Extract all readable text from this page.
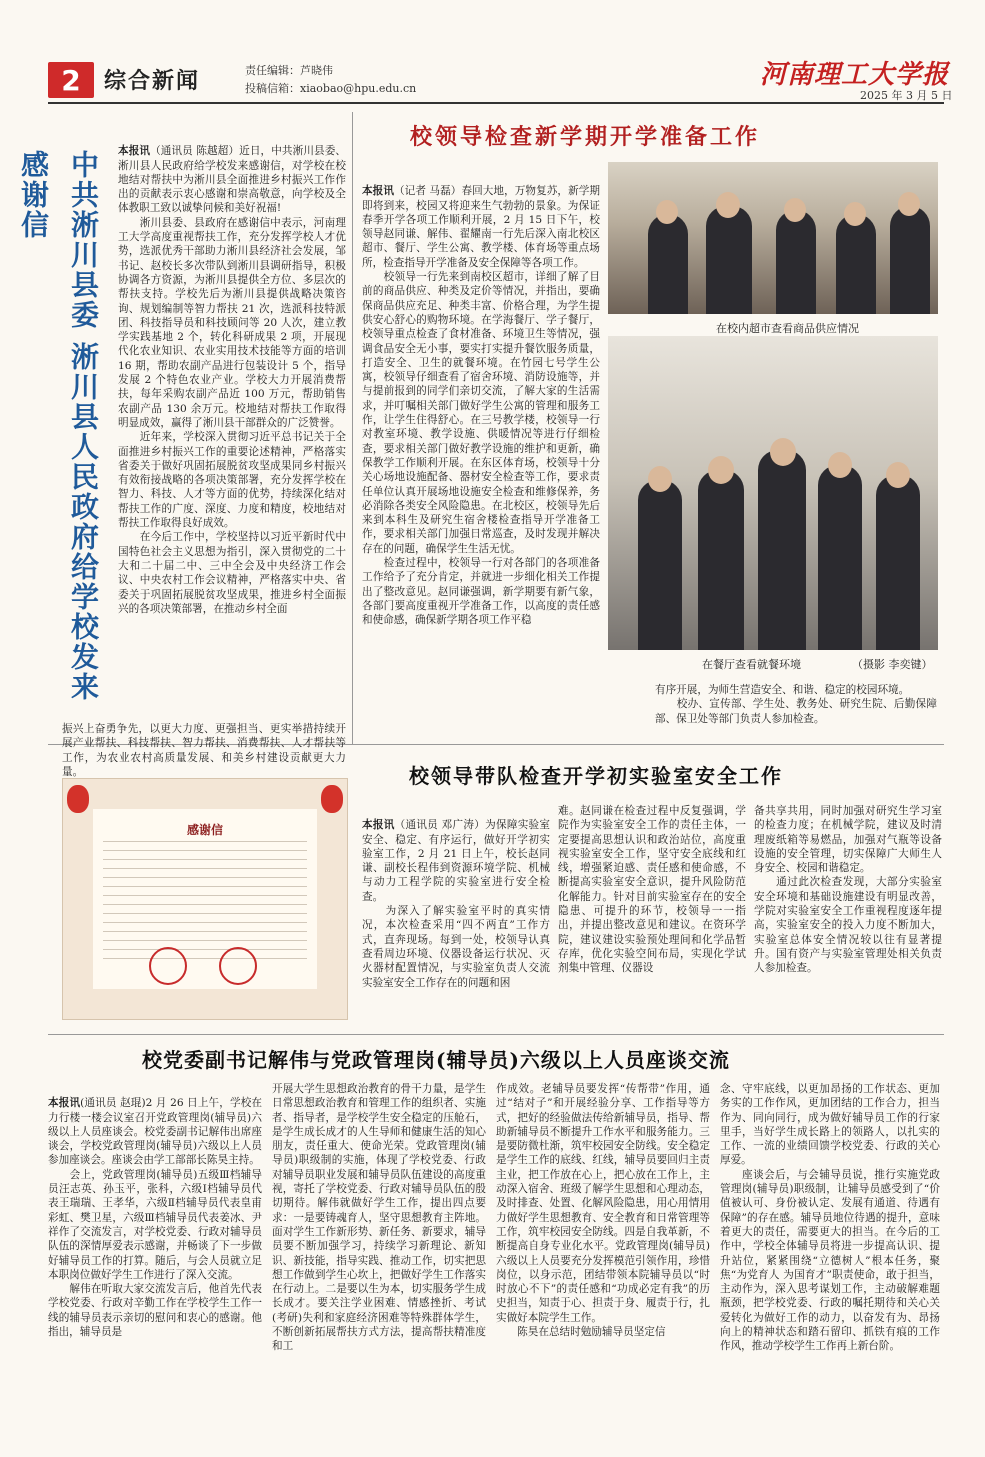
2	综合新闻	责任编辑：芦晓伟
投稿信箱：xiaobao@hpu.edu.cn	河南理工大学报
2025 年 3 月 5 日
中共淅川县委 淅川县人民政府给学校发来感谢信	本报讯（通讯员 陈越超）近日，中共淅川县委、淅川县人民政府给学校发来感谢信，对学校在校地结对帮扶中为淅川县全面推进乡村振兴工作作出的贡献表示衷心感谢和崇高敬意，向学校及全体教职工致以诚挚问候和美好祝福!
　　淅川县委、县政府在感谢信中表示，河南理工大学高度重视帮扶工作，充分发挥学校人才优势，选派优秀干部助力淅川县经济社会发展，邹书记、赵校长多次带队到淅川县调研指导，积极协调各方资源，为淅川县提供全方位、多层次的帮扶支持。学校先后为淅川县提供战略决策咨询、规划编制等智力帮扶 21 次，选派科技特派团、科技指导员和科技顾问等 20 人次，建立教学实践基地 2 个，转化科研成果 2 项，开展现代化农业知识、农业实用技术技能等方面的培训 16 期，帮助农副产品进行包装设计 5 个，指导发展 2 个特色农业产业。学校大力开展消费帮扶，每年采购农副产品近 100 万元，帮助销售农副产品 130 余万元。校地结对帮扶工作取得明显成效，赢得了淅川县干部群众的广泛赞誉。
　　近年来，学校深入贯彻习近平总书记关于全面推进乡村振兴工作的重要论述精神，严格落实省委关于做好巩固拓展脱贫攻坚成果同乡村振兴有效衔接战略的各项决策部署，充分发挥学校在智力、科技、人才等方面的优势，持续深化结对帮扶工作的广度、深度、力度和精度，校地结对帮扶工作取得良好成效。
　　在今后工作中，学校坚持以习近平新时代中国特色社会主义思想为指引，深入贯彻党的二十大和二十届二中、三中全会及中央经济工作会议、中央农村工作会议精神，严格落实中央、省委关于巩固拓展脱贫攻坚成果，推进乡村全面振兴的各项决策部署，在推动乡村全面

振兴上奋勇争先，以更大力度、更强担当、更实举措持续开展产业帮扶、科技帮扶、智力帮扶、消费帮扶、人才帮扶等工作，为农业农村高质量发展、和美乡村建设贡献更大力量。
感谢信
校领导检查新学期开学准备工作

本报讯（记者 马磊）春回大地，万物复苏，新学期即将到来，校园又将迎来生气勃勃的景象。为保证春季开学各项工作顺利开展，2 月 15 日下午，校领导赵同谦、解伟、翟耀南一行先后深入南北校区超市、餐厅、学生公寓、教学楼、体育场等重点场所，检查指导开学准备及安全保障等各项工作。
　　校领导一行先来到南校区超市，详细了解了目前的商品供应、种类及定价等情况，并指出，要确保商品供应充足、种类丰富、价格合理，为学生提供安心舒心的购物环境。在学海餐厅、学子餐厅，校领导重点检查了食材准备、环境卫生等情况，强调食品安全无小事，要实打实提升餐饮服务质量，打造安全、卫生的就餐环境。在竹园七号学生公寓，校领导仔细查看了宿舍环境、消防设施等，并与提前报到的同学们亲切交流，了解大家的生活需求，并叮嘱相关部门做好学生公寓的管理和服务工作，让学生住得舒心。在三号教学楼，校领导一行对教室环境、教学设施、供暖情况等进行仔细检查，要求相关部门做好教学设施的维护和更新，确保教学工作顺利开展。在东区体育场，校领导十分关心场地设施配备、器材安全检查等工作，要求责任单位认真开展场地设施安全检查和维修保养，务必消除各类安全风险隐患。在北校区，校领导先后来到本科生及研究生宿舍楼检查指导开学准备工作，要求相关部门加强日常巡查，及时发现并解决存在的问题，确保学生生活无忧。
　　检查过程中，校领导一行对各部门的各项准备工作给予了充分肯定，并就进一步细化相关工作提出了整改意见。赵同谦强调，新学期要有新气象，各部门要高度重视开学准备工作，以高度的责任感和使命感，确保新学期各项工作平稳

有序开展，为师生营造安全、和谐、稳定的校园环境。
　　校办、宣传部、学生处、教务处、研究生院、后勤保障部、保卫处等部门负责人参加检查。
在校内超市查看商品供应情况
在餐厅查看就餐环境	（摄影 李奕键）
校领导带队检查开学初实验室安全工作

本报讯（通讯员 邓广涛）为保障实验室安全、稳定、有序运行，做好开学初实验室工作，2 月 21 日上午，校长赵同谦、副校长程伟到资源环境学院、机械与动力工程学院的实验室进行安全检查。
　　为深入了解实验室平时的真实情况，本次检查采用“四不两直”工作方式，直奔现场。每到一处，校领导认真查看周边环境、仪器设备运行状况、灭火器材配置情况，与实验室负责人交流实验室安全工作存在的问题和困

难。赵同谦在检查过程中反复强调，学院作为实验室安全工作的责任主体，一定要提高思想认识和政治站位，高度重视实验室安全工作，坚守安全底线和红线，增强紧迫感、责任感和使命感，不断提高实验室安全意识，提升风险防范化解能力。针对目前实验室存在的安全隐患、可提升的环节，校领导一一指出，并提出整改意见和建议。在资环学院，建议建设实验预处理间和化学品暂存库，优化实验空间布局，实现化学试剂集中管理、仪器设
备共享共用，同时加强对研究生学习室的检查力度；在机械学院，建议及时清理废纸箱等易燃品，加强对气瓶等设备设施的安全管理，切实保障广大师生人身安全、校园和谐稳定。
　　通过此次检查发现，大部分实验室安全环境和基础设施建设有明显改善，学院对实验室安全工作重视程度逐年提高，实验室安全的投入力度不断加大，实验室总体安全情况较以往有显著提升。国有资产与实验室管理处相关负责人参加检查。
校党委副书记解伟与党政管理岗(辅导员)六级以上人员座谈交流

本报讯(通讯员 赵琨)2 月 26 日上午，学校在力行楼一楼会议室召开党政管理岗(辅导员)六级以上人员座谈会。校党委副书记解伟出席座谈会，学校党政管理岗(辅导员)六级以上人员参加座谈会。座谈会由学工部部长陈昊主持。
　　会上，党政管理岗(辅导员)五级Ⅲ档辅导员汪志英、孙玉平，张科，六级Ⅰ档辅导员代表王瑞瑞、王孝华，六级Ⅱ档辅导员代表皇甫彩虹、樊卫星，六级Ⅲ档辅导员代表姜冰、尹祥作了交流发言，对学校党委、行政对辅导员队伍的深情厚爱表示感谢，并畅谈了下一步做好辅导员工作的打算。随后，与会人员就立足本职岗位做好学生工作进行了深入交流。
　　解伟在听取大家交流发言后，他首先代表学校党委、行政对辛勤工作在学校学生工作一线的辅导员表示亲切的慰问和衷心的感谢。他指出，辅导员是

开展大学生思想政治教育的骨干力量，是学生日常思想政治教育和管理工作的组织者、实施者、指导者，是学校学生安全稳定的压舱石，是学生成长成才的人生导师和健康生活的知心朋友，责任重大、使命光荣。党政管理岗(辅导员)职级制的实施，体现了学校党委、行政对辅导员职业发展和辅导员队伍建设的高度重视，寄托了学校党委、行政对辅导员队伍的殷切期待。解伟就做好学生工作，提出四点要求：一是要铸魂育人，坚守思想教育主阵地。面对学生工作新形势、新任务、新要求，辅导员要不断加强学习，持续学习新理论、新知识、新技能，指导实践、推动工作，切实把思想工作做到学生心坎上，把做好学生工作落实在行动上。二是要以生为本，切实服务学生成长成才。要关注学业困难、情感挫折、考试(考研)失利和家庭经济困难等特殊群体学生，不断创新拓展帮扶方式方法，提高帮扶精准度和工
作成效。老辅导员要发挥“传帮带”作用，通过“结对子”和开展经验分享、工作指导等方式，把好的经验做法传给新辅导员，指导、帮助新辅导员不断提升工作水平和服务能力。三是要防微杜渐，筑牢校园安全防线。安全稳定是学生工作的底线、红线，辅导员要回归主责主业，把工作放在心上，把心放在工作上，主动深入宿舍、班级了解学生思想和心理动态，及时排查、处置、化解风险隐患，用心用情用力做好学生思想教育、安全教育和日常管理等工作，筑牢校园安全防线。四是自我革新，不断提高自身专业化水平。党政管理岗(辅导员)六级以上人员要充分发挥模范引领作用，珍惜岗位，以身示范，团结带领本院辅导员以“时时放心不下”的责任感和“功成必定有我”的历史担当，知责于心、担责于身、履责于行，扎实做好本院学生工作。
　　陈昊在总结时勉励辅导员坚定信
念、守牢底线，以更加昂扬的工作状态、更加务实的工作作风，更加团结的工作合力，担当作为、同向同行，成为做好辅导员工作的行家里手，当好学生成长路上的领路人，以扎实的工作、一流的业绩回馈学校党委、行政的关心厚爱。
　　座谈会后，与会辅导员说，推行实施党政管理岗(辅导员)职级制，让辅导员感受到了“价值被认可、身份被认定、发展有通道、待遇有保障”的存在感。辅导员地位待遇的提升，意味着更大的责任，需要更大的担当。在今后的工作中，学校全体辅导员将进一步提高认识、提升站位，紧紧围绕“立德树人”根本任务，聚焦“为党育人 为国育才”职责使命，敢于担当，主动作为，深入思考谋划工作，主动破解难题瓶颈，把学校党委、行政的嘱托期待和关心关爱转化为做好工作的动力，以奋发有为、昂扬向上的精神状态和踏石留印、抓铁有痕的工作作风，推动学校学生工作再上新台阶。
